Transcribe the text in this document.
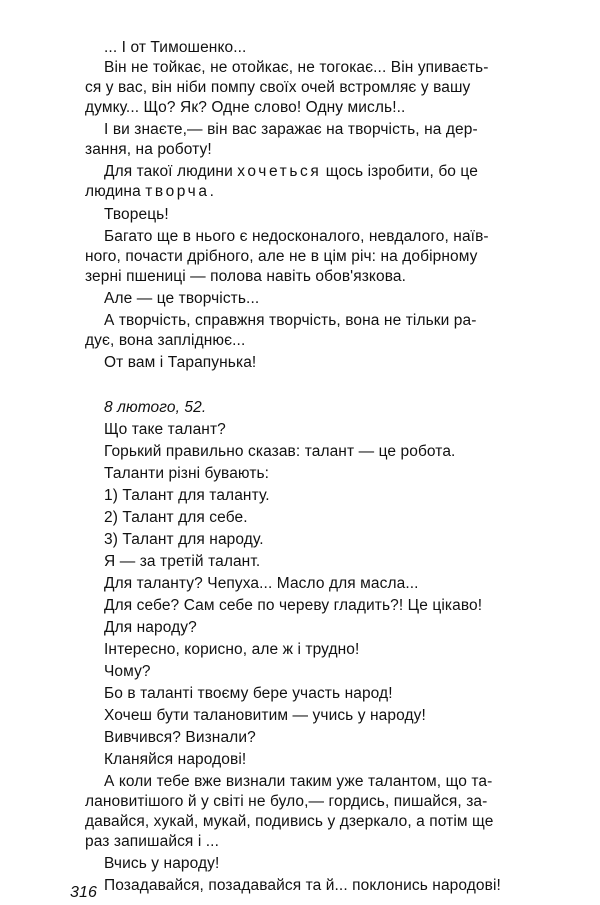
... І от Тимошенко...
Він не тойкає, не отойкає, не тогокає... Він упиваєть-
ся у вас, він ніби помпу своїх очей встромляє у вашу
думку... Що? Як? Одне слово! Одну мисль!..
І ви знаєте,— він вас заражає на творчість, на дер-
зання, на роботу!
Для такої людини хочеться щось ізробити, бо це
людина творча.
Творець!
Багато ще в нього є недосконалого, невдалого, наїв-
ного, почасти дрібного, але не в цім річ: на добірному
зерні пшениці — полова навіть обов'язкова.
Але — це творчість...
А творчість, справжня творчість, вона не тільки ра-
дує, вона запліднює...
От вам і Тарапунька!
8 лютого, 52.
Що таке талант?
Горький правильно сказав: талант — це робота.
Таланти різні бувають:
1) Талант для таланту.
2) Талант для себе.
3) Талант для народу.
Я — за третій талант.
Для таланту? Чепуха... Масло для масла...
Для себе? Сам себе по череву гладить?! Це цікаво!
Для народу?
Інтересно, корисно, але ж і трудно!
Чому?
Бо в таланті твоєму бере участь народ!
Хочеш бути талановитим — учись у народу!
Вивчився? Визнали?
Кланяйся народові!
А коли тебе вже визнали таким уже талантом, що та-
лановитішого й у світі не було,— гордись, пишайся, за-
давайся, хукай, мукай, подивись у дзеркало, а потім ще
раз запишайся і ...
Вчись у народу!
Позадавайся, позадавайся та й... поклонись народові!
316
